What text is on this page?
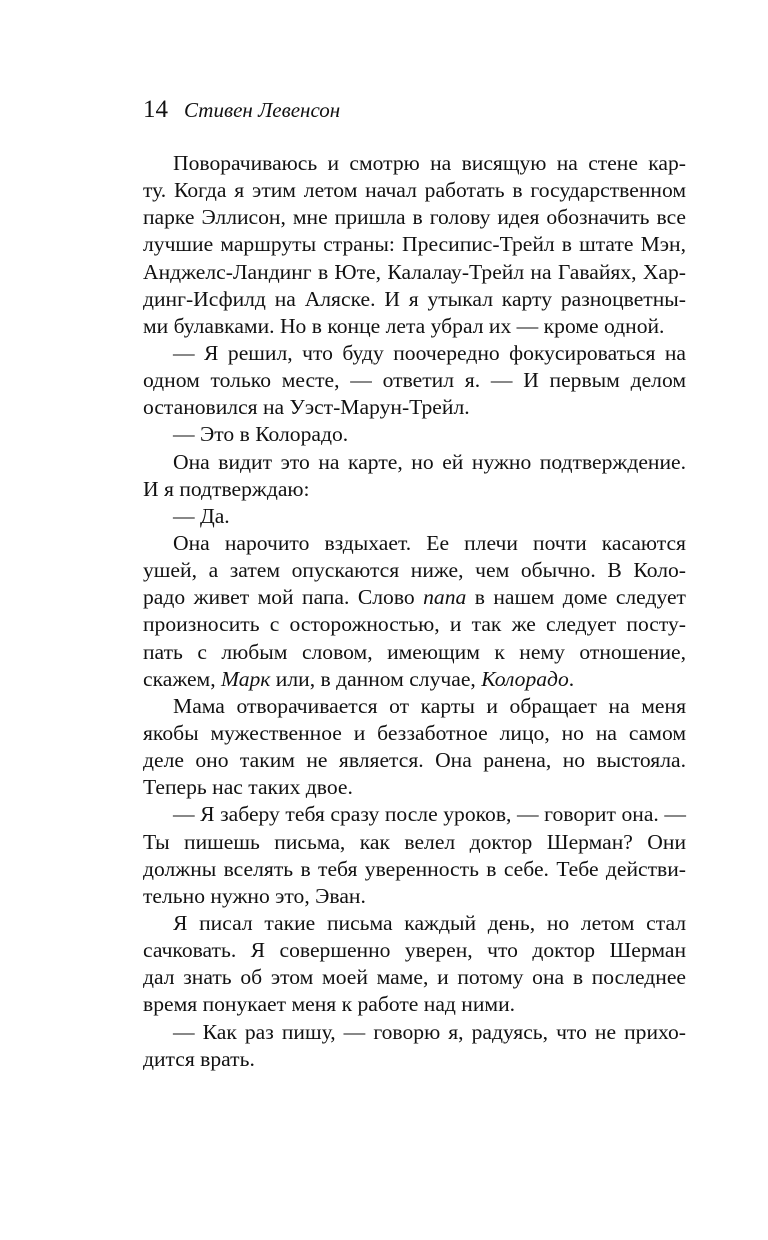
14 Стивен Левенсон
Поворачиваюсь и смотрю на висящую на стене кар-
ту. Когда я этим летом начал работать в государственном
парке Эллисон, мне пришла в голову идея обозначить все
лучшие маршруты страны: Пресипис-Трейл в штате Мэн,
Анджелс-Ландинг в Юте, Калалау-Трейл на Гавайях, Хар-
динг-Исфилд на Аляске. И я утыкал карту разноцветны-
ми булавками. Но в конце лета убрал их — кроме одной.
— Я решил, что буду поочередно фокусироваться на
одном только месте, — ответил я. — И первым делом
остановился на Уэст-Марун-Трейл.
— Это в Колорадо.
Она видит это на карте, но ей нужно подтверждение.
И я подтверждаю:
— Да.
Она нарочито вздыхает. Ее плечи почти касаются
ушей, а затем опускаются ниже, чем обычно. В Коло-
радо живет мой папа. Слово папа в нашем доме следует
произносить с осторожностью, и так же следует посту-
пать с любым словом, имеющим к нему отношение,
скажем, Марк или, в данном случае, Колорадо.
Мама отворачивается от карты и обращает на меня
якобы мужественное и беззаботное лицо, но на самом
деле оно таким не является. Она ранена, но выстояла.
Теперь нас таких двое.
— Я заберу тебя сразу после уроков, — говорит она. —
Ты пишешь письма, как велел доктор Шерман? Они
должны вселять в тебя уверенность в себе. Тебе действи-
тельно нужно это, Эван.
Я писал такие письма каждый день, но летом стал
сачковать. Я совершенно уверен, что доктор Шерман
дал знать об этом моей маме, и потому она в последнее
время понукает меня к работе над ними.
— Как раз пишу, — говорю я, радуясь, что не прихо-
дится врать.
